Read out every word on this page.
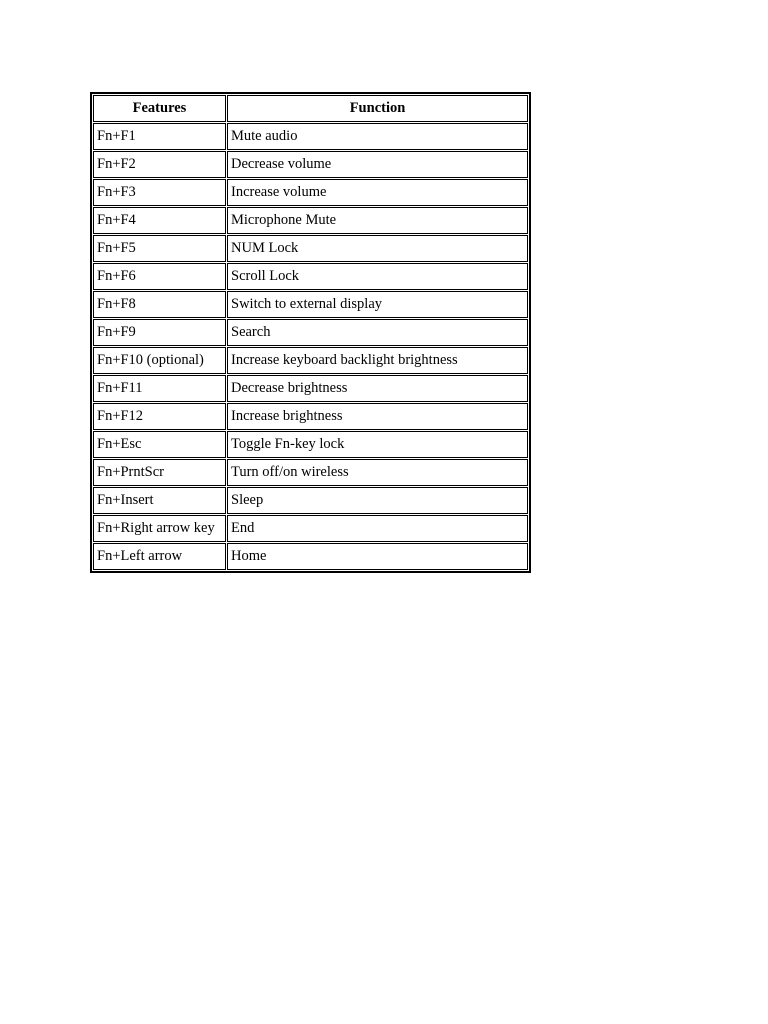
Features	Function
Fn+F1	Mute audio
Fn+F2	Decrease volume
Fn+F3	Increase volume
Fn+F4	Microphone Mute
Fn+F5	NUM Lock
Fn+F6	Scroll Lock
Fn+F8	Switch to external display
Fn+F9	Search
Fn+F10 (optional)	Increase keyboard backlight brightness
Fn+F11	Decrease brightness
Fn+F12	Increase brightness
Fn+Esc	Toggle Fn-key lock
Fn+PrntScr	Turn off/on wireless
Fn+Insert	Sleep
Fn+Right arrow key	End
Fn+Left arrow	Home
